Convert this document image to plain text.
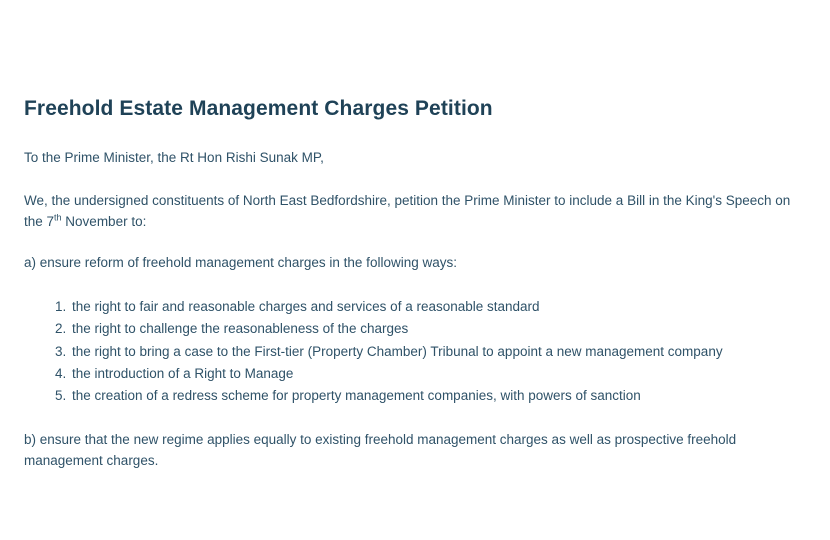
Freehold Estate Management Charges Petition

To the Prime Minister, the Rt Hon Rishi Sunak MP,

We, the undersigned constituents of North East Bedfordshire, petition the Prime Minister to include a Bill in the King's Speech on the 7th November to:

a) ensure reform of freehold management charges in the following ways:

1. the right to fair and reasonable charges and services of a reasonable standard
2. the right to challenge the reasonableness of the charges
3. the right to bring a case to the First-tier (Property Chamber) Tribunal to appoint a new management company
4. the introduction of a Right to Manage
5. the creation of a redress scheme for property management companies, with powers of sanction

b) ensure that the new regime applies equally to existing freehold management charges as well as prospective freehold management charges.
